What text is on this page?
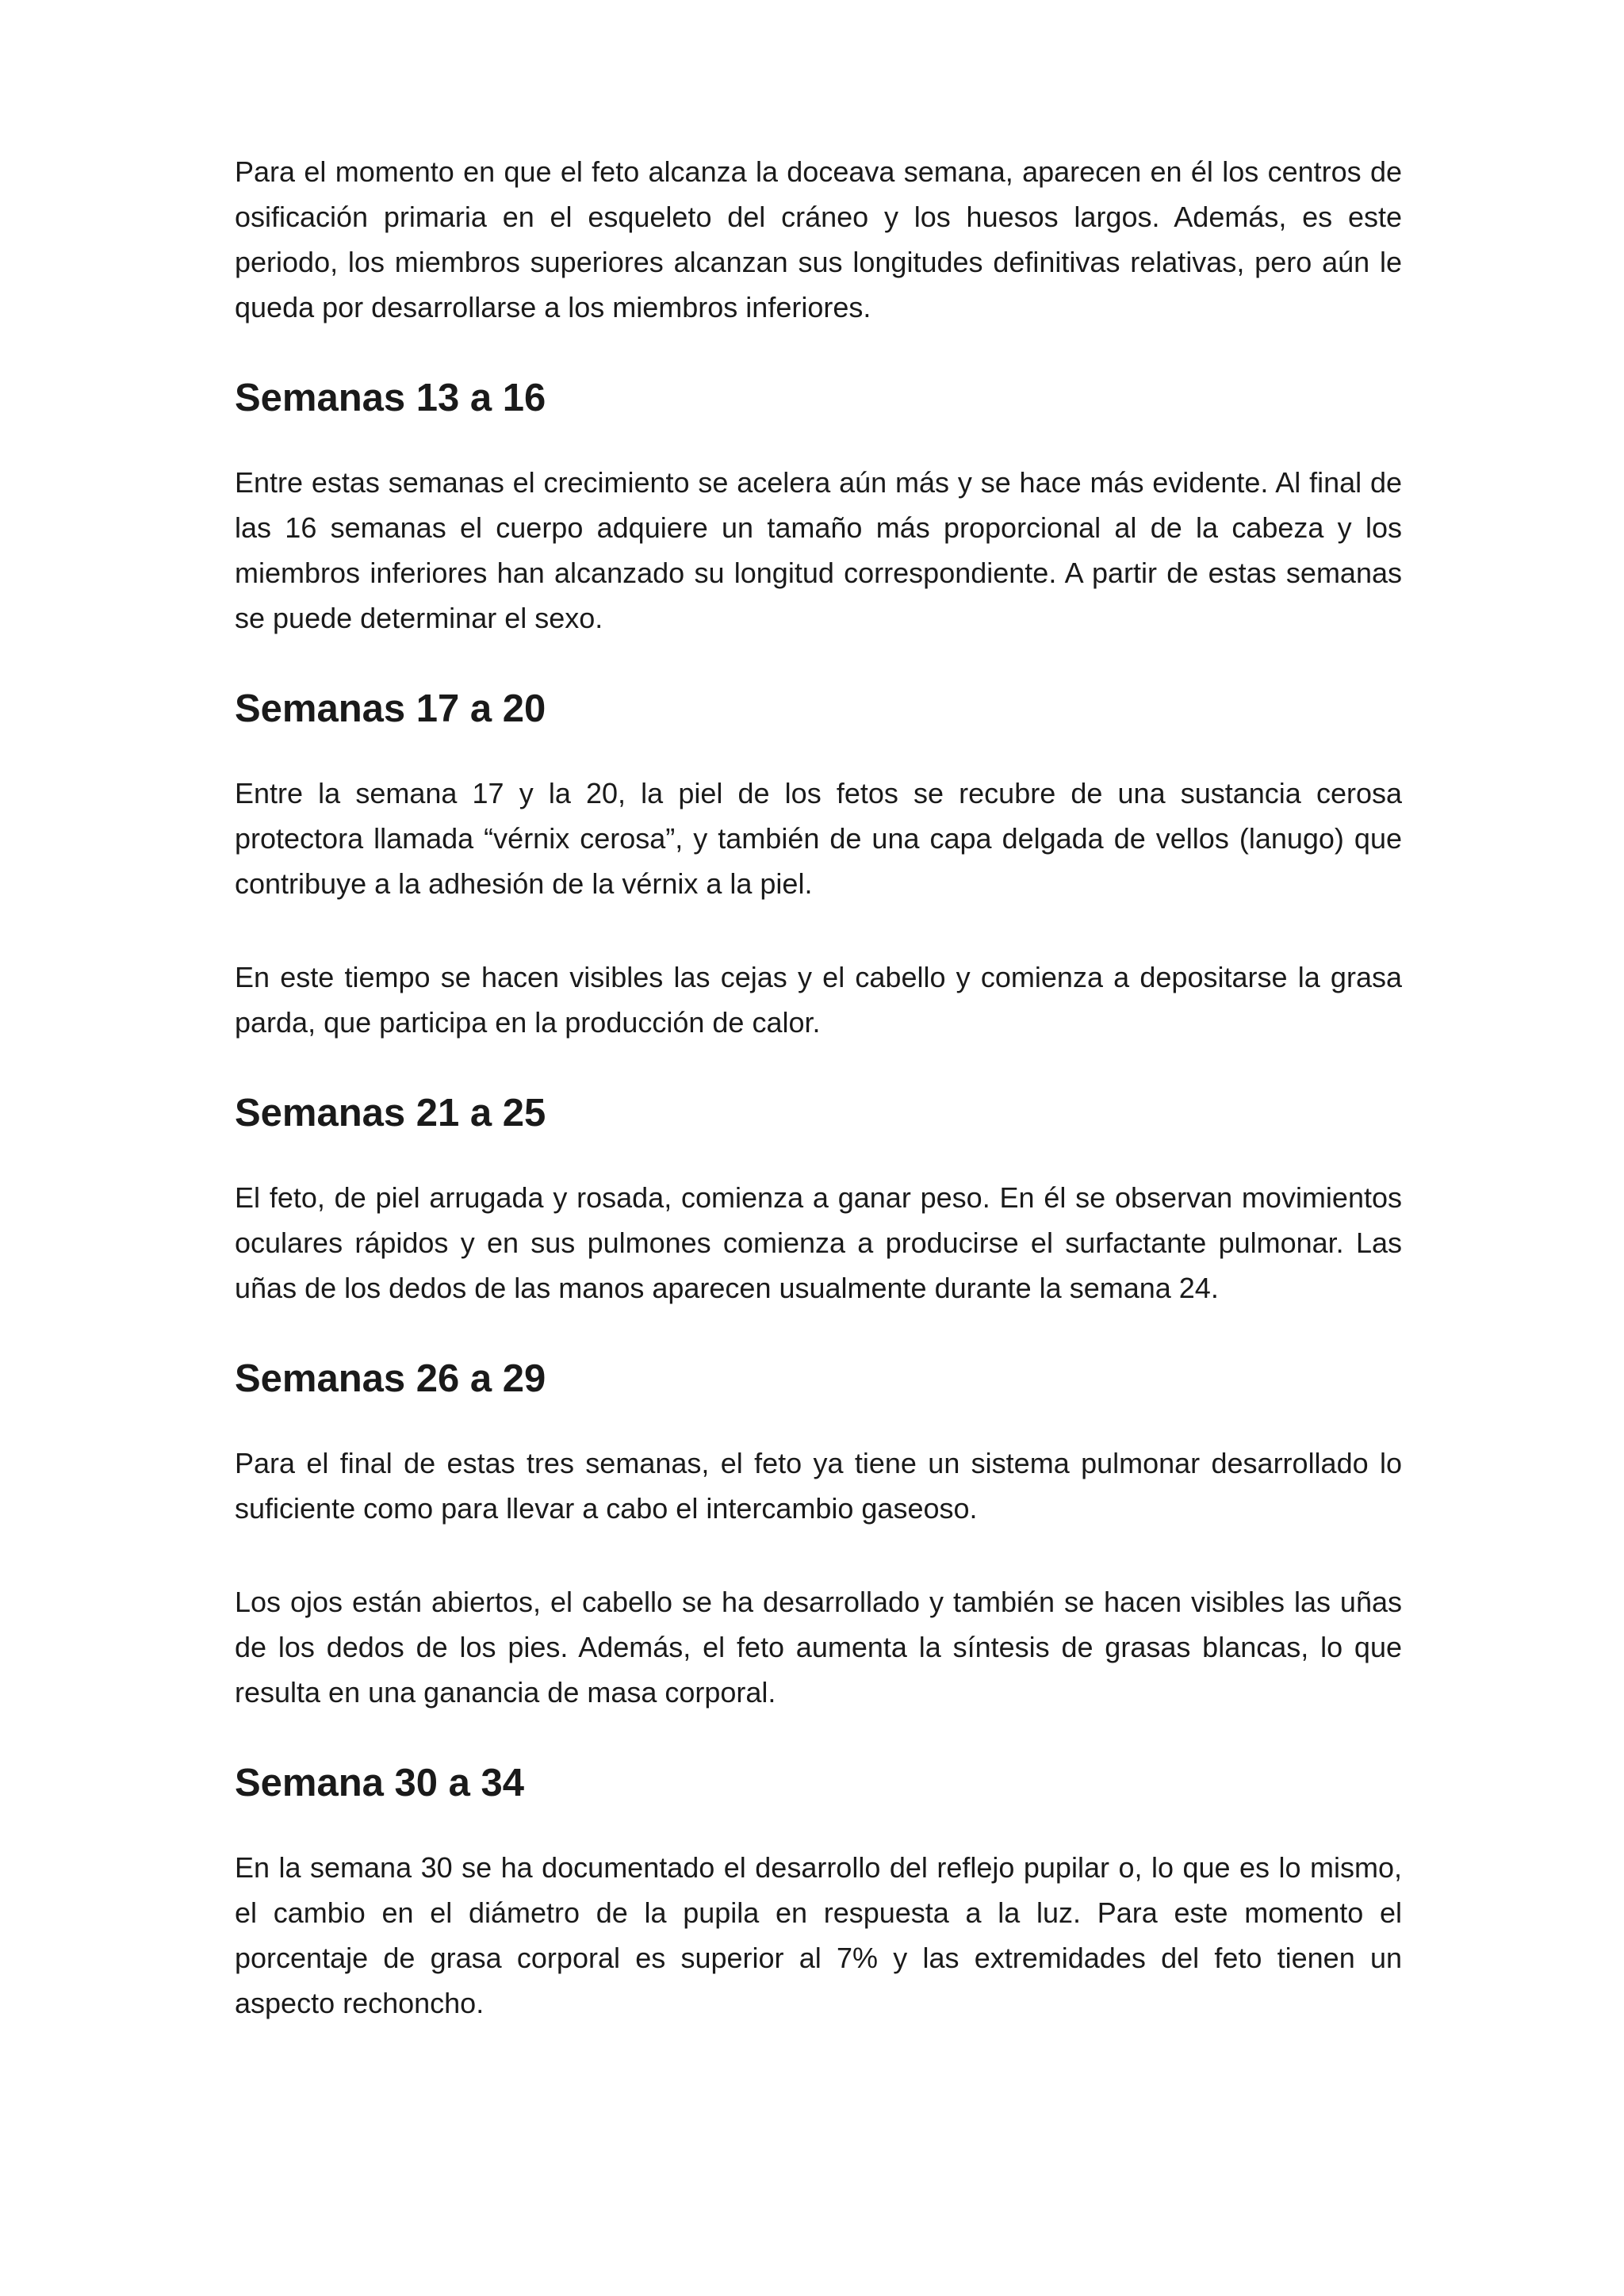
Para el momento en que el feto alcanza la doceava semana, aparecen en él los centros de osificación primaria en el esqueleto del cráneo y los huesos largos. Además, es este periodo, los miembros superiores alcanzan sus longitudes definitivas relativas, pero aún le queda por desarrollarse a los miembros inferiores.

Semanas 13 a 16

Entre estas semanas el crecimiento se acelera aún más y se hace más evidente. Al final de las 16 semanas el cuerpo adquiere un tamaño más proporcional al de la cabeza y los miembros inferiores han alcanzado su longitud correspondiente. A partir de estas semanas se puede determinar el sexo.

Semanas 17 a 20

Entre la semana 17 y la 20, la piel de los fetos se recubre de una sustancia cerosa protectora llamada “vérnix cerosa”, y también de una capa delgada de vellos (lanugo) que contribuye a la adhesión de la vérnix a la piel.

En este tiempo se hacen visibles las cejas y el cabello y comienza a depositarse la grasa parda, que participa en la producción de calor.

Semanas 21 a 25

El feto, de piel arrugada y rosada, comienza a ganar peso. En él se observan movimientos oculares rápidos y en sus pulmones comienza a producirse el surfactante pulmonar. Las uñas de los dedos de las manos aparecen usualmente durante la semana 24.

Semanas 26 a 29

Para el final de estas tres semanas, el feto ya tiene un sistema pulmonar desarrollado lo suficiente como para llevar a cabo el intercambio gaseoso.

Los ojos están abiertos, el cabello se ha desarrollado y también se hacen visibles las uñas de los dedos de los pies. Además, el feto aumenta la síntesis de grasas blancas, lo que resulta en una ganancia de masa corporal.

Semana 30 a 34

En la semana 30 se ha documentado el desarrollo del reflejo pupilar o, lo que es lo mismo, el cambio en el diámetro de la pupila en respuesta a la luz. Para este momento el porcentaje de grasa corporal es superior al 7% y las extremidades del feto tienen un aspecto rechoncho.
